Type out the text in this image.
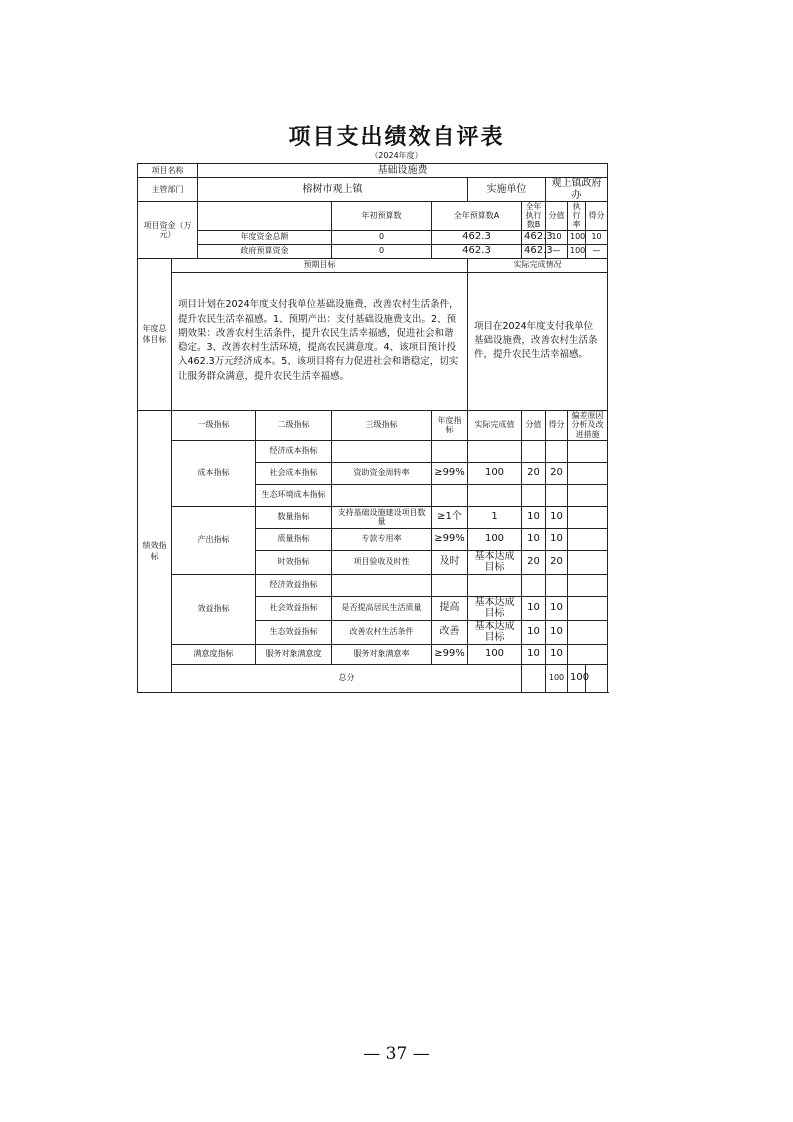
项目支出绩效自评表
（2024年度）
项目名称		基础设施费								
主管部门		榕树市观上镇				实施单位		观上镇政府办		
项目资金（万元）				年初预算数	全年预算数A		全年执行数B	分值	执行率	得分
		年度资金总额		0	462.3		462.3	10	100	10
		政府预算资金		0	462.3		462.3	—	100	—
年度总体目标	预期目标					实际完成情况				
	项目计划在2024年度支付我单位基础设施费，改善农村生活条件，提升农民生活幸福感。1、预期产出：支付基础设施费支出。2、预期效果：改善农村生活条件，提升农民生活幸福感，促进社会和谐稳定。3、改善农村生活环境，提高农民满意度。4、该项目预计投入462.3万元经济成本。5、该项目将有力促进社会和谐稳定，切实让服务群众满意，提升农民生活幸福感。					项目在2024年度支付我单位基础设施费，改善农村生活条件，提升农民生活幸福感。				
绩效指标	一级指标		二级指标	三级指标	年度指标	实际完成值	分值	得分	偏差原因分析及改进措施	
	成本指标		经济成本指标							
			社会成本指标	资助资金周转率	≥99%	100	20	20		
			生态环境成本指标							
	产出指标		数量指标	支持基础设施建设项目数量	≥1个	1	10	10		
			质量指标	专款专用率	≥99%	100	10	10		
			时效指标	项目验收及时性	及时	基本达成目标	20	20		
	效益指标		经济效益指标							
			社会效益指标	是否提高居民生活质量	提高	基本达成目标	10	10		
			生态效益指标	改善农村生活条件	改善	基本达成目标	10	10		
	满意度指标		服务对象满意度	服务对象满意率	≥99%	100	10	10		
	总分							100	100	
— 37 —
